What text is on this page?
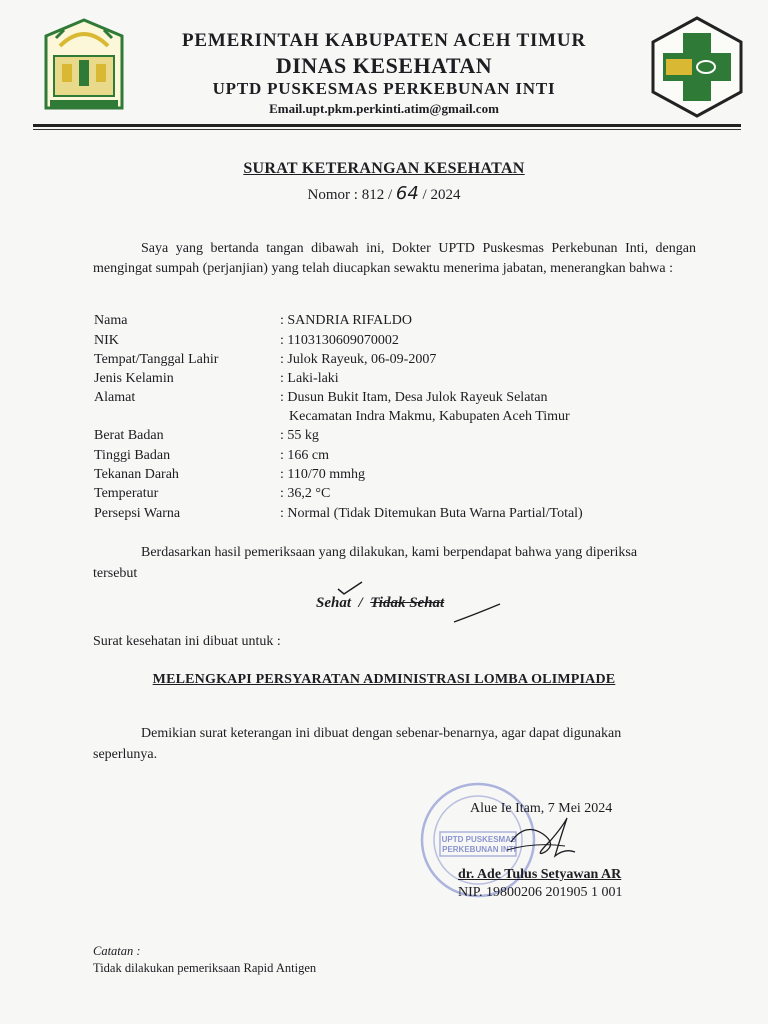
PEMERINTAH KABUPATEN ACEH TIMUR
DINAS KESEHATAN
UPTD PUSKESMAS PERKEBUNAN INTI
Email.upt.pkm.perkinti.atim@gmail.com
SURAT KETERANGAN KESEHATAN
Nomor : 812 / 64 / 2024
Saya yang bertanda tangan dibawah ini, Dokter UPTD Puskesmas Perkebunan Inti, dengan mengingat sumpah (perjanjian) yang telah diucapkan sewaktu menerima jabatan, menerangkan bahwa :
Nama	: SANDRIA RIFALDO
NIK	: 1103130609070002
Tempat/Tanggal Lahir	: Julok Rayeuk, 06-09-2007
Jenis Kelamin	: Laki-laki
Alamat	: Dusun Bukit Itam, Desa Julok Rayeuk Selatan
Kecamatan Indra Makmu, Kabupaten Aceh Timur
Berat Badan	: 55 kg
Tinggi Badan	: 166 cm
Tekanan Darah	: 110/70 mmhg
Temperatur	: 36,2 °C
Persepsi Warna	: Normal (Tidak Ditemukan Buta Warna Partial/Total)
Berdasarkan hasil pemeriksaan yang dilakukan, kami berpendapat bahwa yang diperiksa
tersebut
Sehat / Tidak Sehat
Surat kesehatan ini dibuat untuk :
MELENGKAPI PERSYARATAN ADMINISTRASI LOMBA OLIMPIADE
Demikian surat keterangan ini dibuat dengan sebenar-benarnya, agar dapat digunakan
seperlunya.
UPTD PUSKESMAS PERKEBUNAN INTI
Alue Ie Itam, 7 Mei 2024
dr. Ade Tulus Setyawan AR
NIP. 19800206 201905 1 001
Catatan :
Tidak dilakukan pemeriksaan Rapid Antigen
